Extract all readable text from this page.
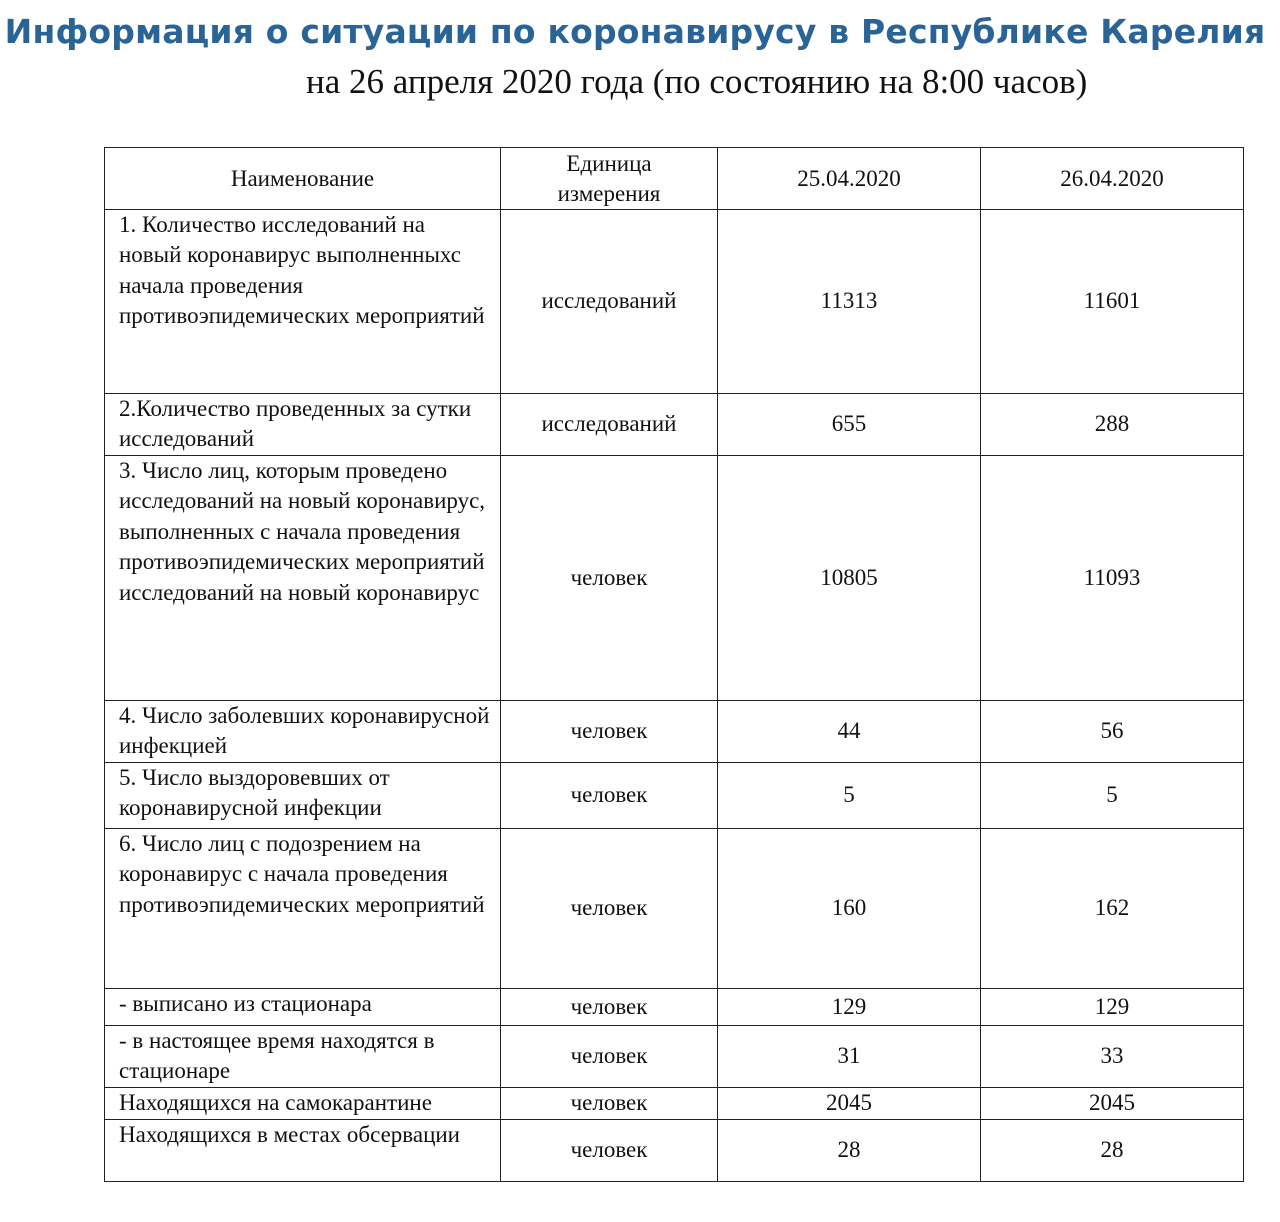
Информация о ситуации по коронавирусу в Республике Карелия
на 26 апреля 2020 года (по состоянию на 8:00 часов)
Наименование	Единица измерения	25.04.2020	26.04.2020
1. Количество исследований на новый коронавирус выполненныхс начала проведения противоэпидемических мероприятий	исследований	11313	11601
2.Количество проведенных за сутки исследований	исследований	655	288
3. Число лиц, которым проведено исследований на новый коронавирус, выполненных с начала проведения противоэпидемических мероприятий исследований на новый коронавирус	человек	10805	11093
4. Число заболевших коронавирусной инфекцией	человек	44	56
5. Число выздоровевших от коронавирусной инфекции	человек	5	5
6. Число лиц с подозрением на коронавирус с начала проведения противоэпидемических мероприятий	человек	160	162
- выписано из стационара	человек	129	129
- в настоящее время находятся в стационаре	человек	31	33
Находящихся на самокарантине	человек	2045	2045
Находящихся в местах обсервации	человек	28	28
